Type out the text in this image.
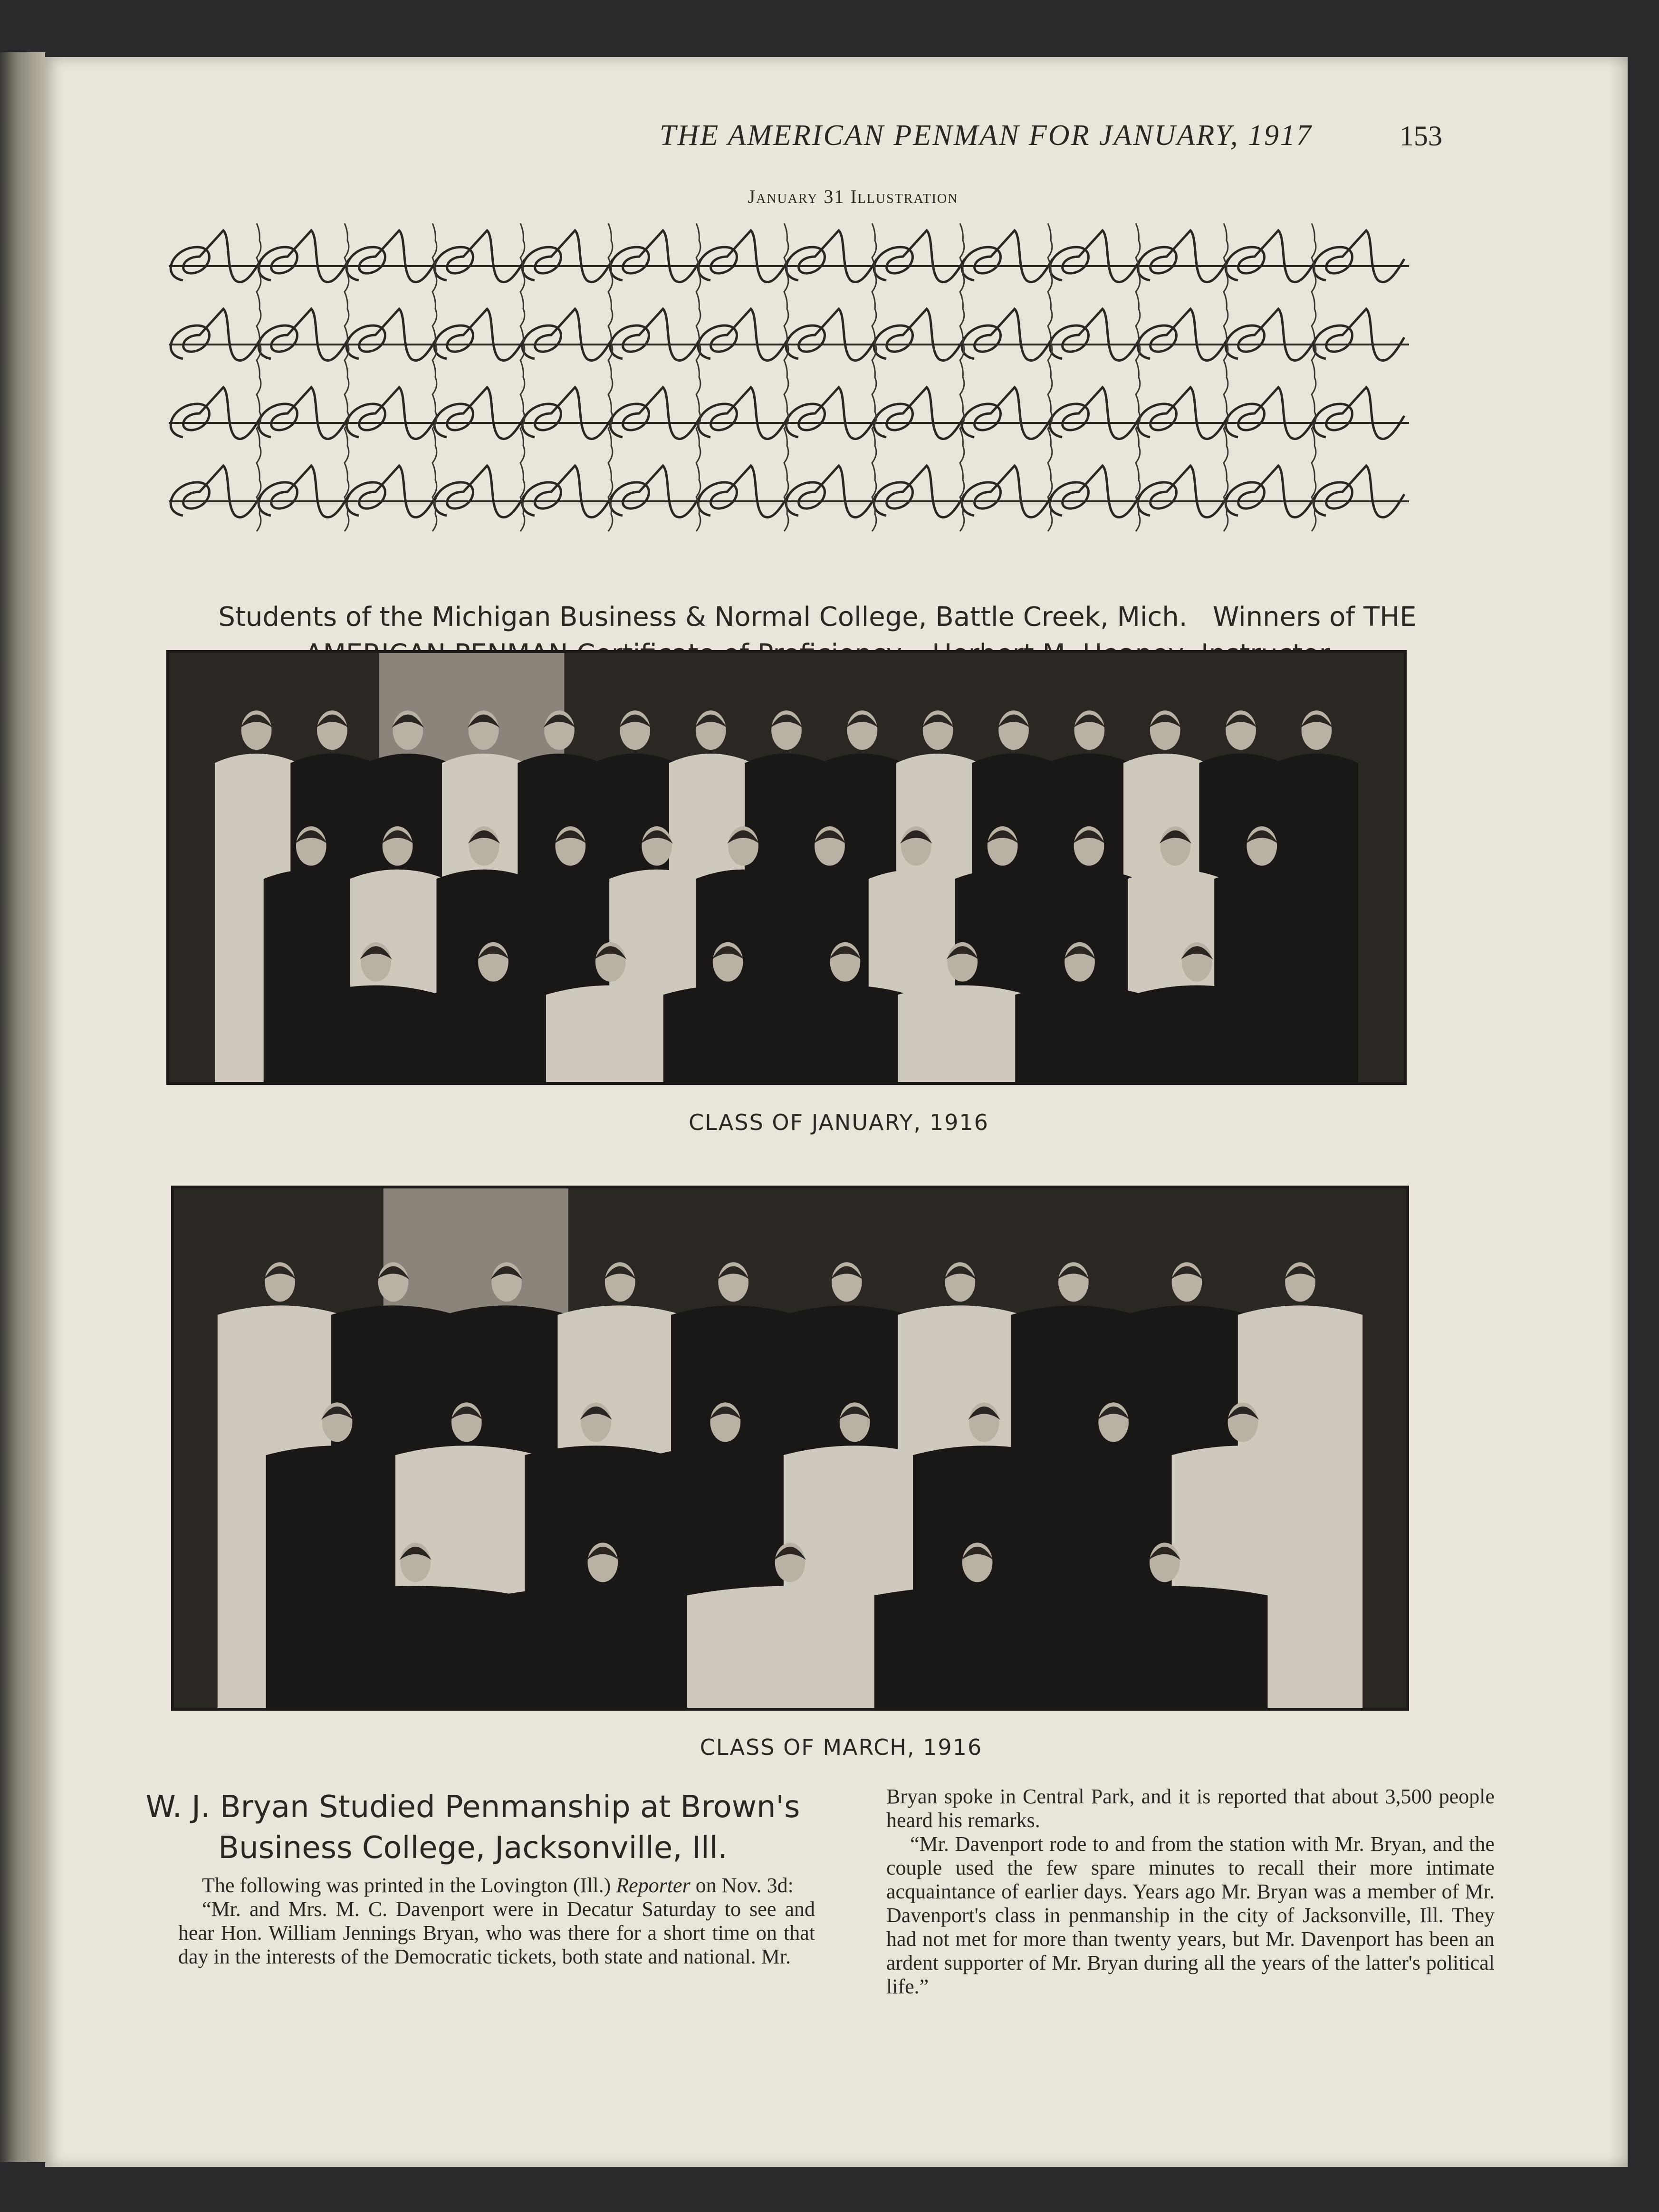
THE AMERICAN PENMAN FOR JANUARY, 1917	153
January 31 Illustration
Students of the Michigan Business & Normal College, Battle Creek, Mich.   Winners of THE
CLASS OF JANUARY, 1916
CLASS OF MARCH, 1916
W. J. Bryan Studied Penmanship at Brown's
Business College, Jacksonville, Ill.

The following was printed in the Lovington (Ill.) Reporter on Nov. 3d:

“Mr. and Mrs. M. C. Davenport were in Decatur Saturday to see and hear Hon. William Jennings Bryan, who was there for a short time on that day in the interests of the Democratic tickets, both state and national. Mr.

Bryan spoke in Central Park, and it is reported that about 3,500 people heard his remarks.

“Mr. Davenport rode to and from the station with Mr. Bryan, and the couple used the few spare minutes to recall their more intimate acquaintance of earlier days. Years ago Mr. Bryan was a member of Mr. Davenport's class in penmanship in the city of Jacksonville, Ill. They had not met for more than twenty years, but Mr. Davenport has been an ardent supporter of Mr. Bryan during all the years of the latter's political life.”
